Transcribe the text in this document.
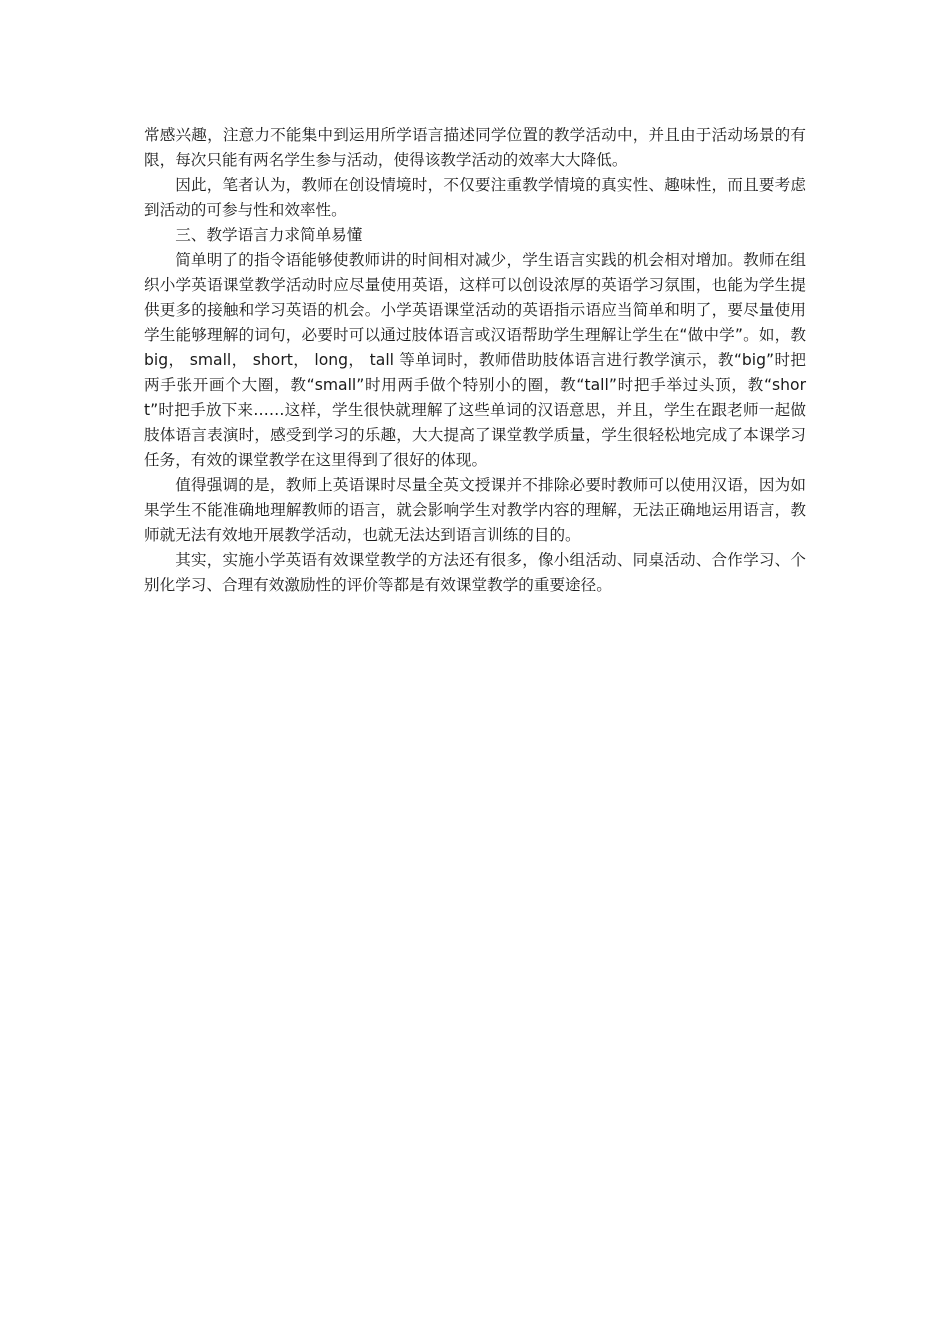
常感兴趣，注意力不能集中到运用所学语言描述同学位置的教学活动中，并且由于活动场景的有限，每次只能有两名学生参与活动，使得该教学活动的效率大大降低。

因此，笔者认为，教师在创设情境时，不仅要注重教学情境的真实性、趣味性，而且要考虑到活动的可参与性和效率性。

三、教学语言力求简单易懂

简单明了的指令语能够使教师讲的时间相对减少，学生语言实践的机会相对增加。教师在组织小学英语课堂教学活动时应尽量使用英语，这样可以创设浓厚的英语学习氛围，也能为学生提供更多的接触和学习英语的机会。小学英语课堂活动的英语指示语应当简单和明了，要尽量使用学生能够理解的词句，必要时可以通过肢体语言或汉语帮助学生理解让学生在“做中学”。如，教 big， small， short， long， tall 等单词时，教师借助肢体语言进行教学演示，教“big”时把两手张开画个大圈，教“small”时用两手做个特别小的圈，教“tall”时把手举过头顶，教“short”时把手放下来……这样，学生很快就理解了这些单词的汉语意思，并且，学生在跟老师一起做肢体语言表演时，感受到学习的乐趣，大大提高了课堂教学质量，学生很轻松地完成了本课学习任务，有效的课堂教学在这里得到了很好的体现。

值得强调的是，教师上英语课时尽量全英文授课并不排除必要时教师可以使用汉语，因为如果学生不能准确地理解教师的语言，就会影响学生对教学内容的理解，无法正确地运用语言，教师就无法有效地开展教学活动，也就无法达到语言训练的目的。

其实，实施小学英语有效课堂教学的方法还有很多，像小组活动、同桌活动、合作学习、个别化学习、合理有效激励性的评价等都是有效课堂教学的重要途径。
